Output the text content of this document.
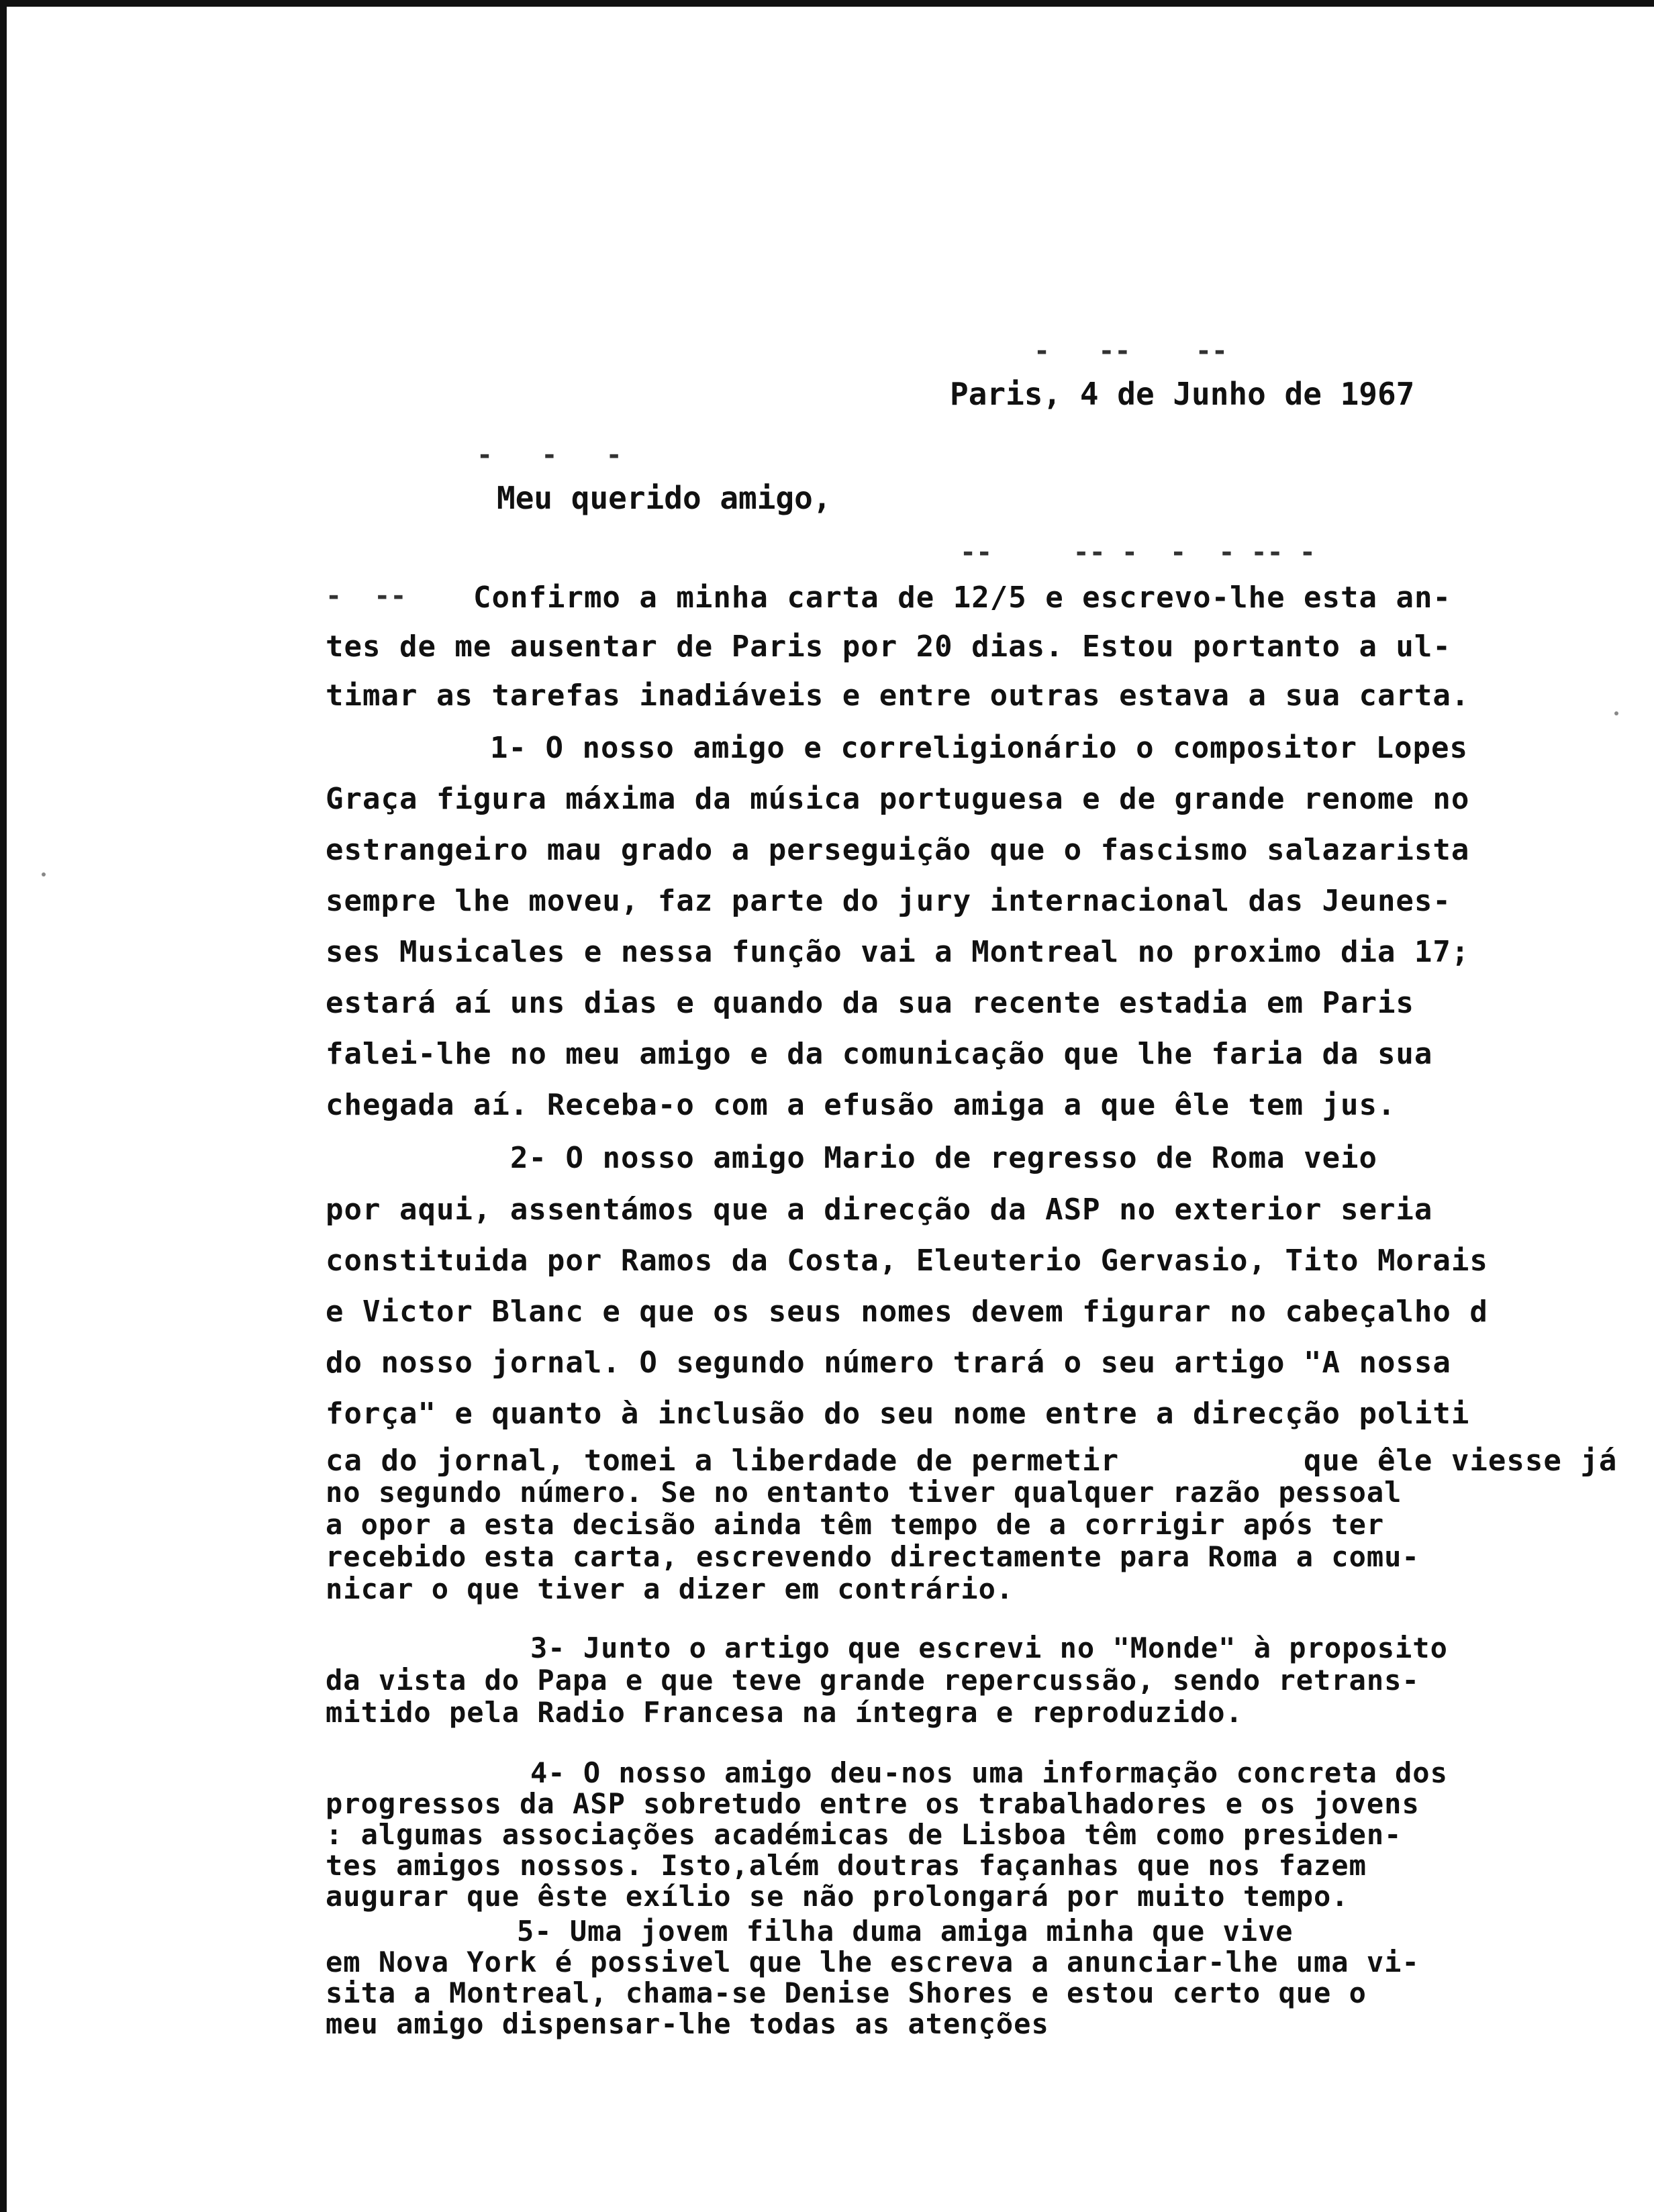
Paris, 4 de Junho de 1967
Meu querido amigo,
Confirmo a minha carta de 12/5 e escrevo-lhe esta an-
tes de me ausentar de Paris por 20 dias. Estou portanto a ul-
timar as tarefas inadiáveis e entre outras estava a sua carta.
1- O nosso amigo e correligionário o compositor Lopes
Graça figura máxima da música portuguesa e de grande renome no
estrangeiro mau grado a perseguição que o fascismo salazarista
sempre lhe moveu, faz parte do jury internacional das Jeunes-
ses Musicales e nessa função vai a Montreal no proximo dia 17;
estará aí uns dias e quando da sua recente estadia em Paris
falei-lhe no meu amigo e da comunicação que lhe faria da sua
chegada aí. Receba-o com a efusão amiga a que êle tem jus.
2- O nosso amigo Mario de regresso de Roma veio
por aqui, assentámos que a direcção da ASP no exterior seria
constituida por Ramos da Costa, Eleuterio Gervasio, Tito Morais
e Victor Blanc e que os seus nomes devem figurar no cabeçalho d
do nosso jornal. O segundo número trará o seu artigo "A nossa
força" e quanto à inclusão do seu nome entre a direcção politi
ca do jornal, tomei a liberdade de permetir          que êle viesse já
no segundo número. Se no entanto tiver qualquer razão pessoal
a opor a esta decisão ainda têm tempo de a corrigir após ter
recebido esta carta, escrevendo directamente para Roma a comu-
nicar o que tiver a dizer em contrário.
3- Junto o artigo que escrevi no "Monde" à proposito
da vista do Papa e que teve grande repercussão, sendo retrans-
mitido pela Radio Francesa na íntegra e reproduzido.
4- O nosso amigo deu-nos uma informação concreta dos
progressos da ASP sobretudo entre os trabalhadores e os jovens
: algumas associações académicas de Lisboa têm como presiden-
tes amigos nossos. Isto,além doutras façanhas que nos fazem
augurar que êste exílio se não prolongará por muito tempo.
5- Uma jovem filha duma amiga minha que vive
em Nova York é possivel que lhe escreva a anunciar-lhe uma vi-
sita a Montreal, chama-se Denise Shores e estou certo que o
meu amigo dispensar-lhe todas as atenções
-   --    --
-   -   -
--     -- -  -  - -- -
-  --
